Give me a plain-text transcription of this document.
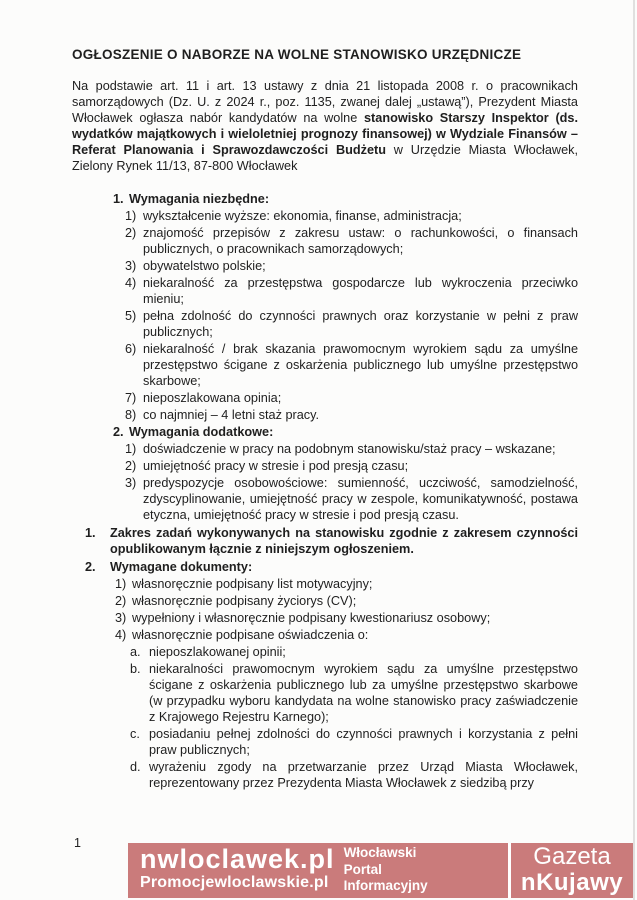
OGŁOSZENIE O NABORZE NA WOLNE STANOWISKO URZĘDNICZE

Na podstawie art. 11 i art. 13 ustawy z dnia 21 listopada 2008 r. o pracownikach samorządowych (Dz. U. z 2024 r., poz. 1135, zwanej dalej „ustawą”), Prezydent Miasta Włocławek ogłasza nabór kandydatów na wolne stanowisko Starszy Inspektor (ds. wydatków majątkowych i wieloletniej prognozy finansowej) w Wydziale Finansów – Referat Planowania i Sprawozdawczości Budżetu w Urzędzie Miasta Włocławek, Zielony Rynek 11/13, 87-800 Włocławek

1. Wymagania niezbędne:
1) wykształcenie wyższe: ekonomia, finanse, administracja;
2) znajomość przepisów z zakresu ustaw: o rachunkowości, o finansach publicznych, o pracownikach samorządowych;
3) obywatelstwo polskie;
4) niekaralność za przestępstwa gospodarcze lub wykroczenia przeciwko mieniu;
5) pełna zdolność do czynności prawnych oraz korzystanie w pełni z praw publicznych;
6) niekaralność / brak skazania prawomocnym wyrokiem sądu za umyślne przestępstwo ścigane z oskarżenia publicznego lub umyślne przestępstwo skarbowe;
7) nieposzlakowana opinia;
8) co najmniej – 4 letni staż pracy.
2. Wymagania dodatkowe:
1) doświadczenie w pracy na podobnym stanowisku/staż pracy – wskazane;
2) umiejętność pracy w stresie i pod presją czasu;
3) predyspozycje osobowościowe: sumienność, uczciwość, samodzielność, zdyscyplinowanie, umiejętność pracy w zespole, komunikatywność, postawa etyczna, umiejętność pracy w stresie i pod presją czasu.
1.	Zakres zadań wykonywanych na stanowisku zgodnie z zakresem czynności opublikowanym łącznie z niniejszym ogłoszeniem.
2.	Wymagane dokumenty:
1) własnoręcznie podpisany list motywacyjny;
2) własnoręcznie podpisany życiorys (CV);
3) wypełniony i własnoręcznie podpisany kwestionariusz osobowy;
4) własnoręcznie podpisane oświadczenia o:
a. nieposzlakowanej opinii;
b. niekaralności prawomocnym wyrokiem sądu za umyślne przestępstwo ścigane z oskarżenia publicznego lub za umyślne przestępstwo skarbowe (w przypadku wyboru kandydata na wolne stanowisko pracy zaświadczenie z Krajowego Rejestru Karnego);
c. posiadaniu pełnej zdolności do czynności prawnych i korzystania z pełni praw publicznych;
d. wyrażeniu zgody na przetwarzanie przez Urząd Miasta Włocławek, reprezentowany przez Prezydenta Miasta Włocławek z siedzibą przy
1
nwloclawek.pl
Promocjewloclawskie.pl
Włocławski
Portal
Informacyjny
Gazeta
nKujawy
